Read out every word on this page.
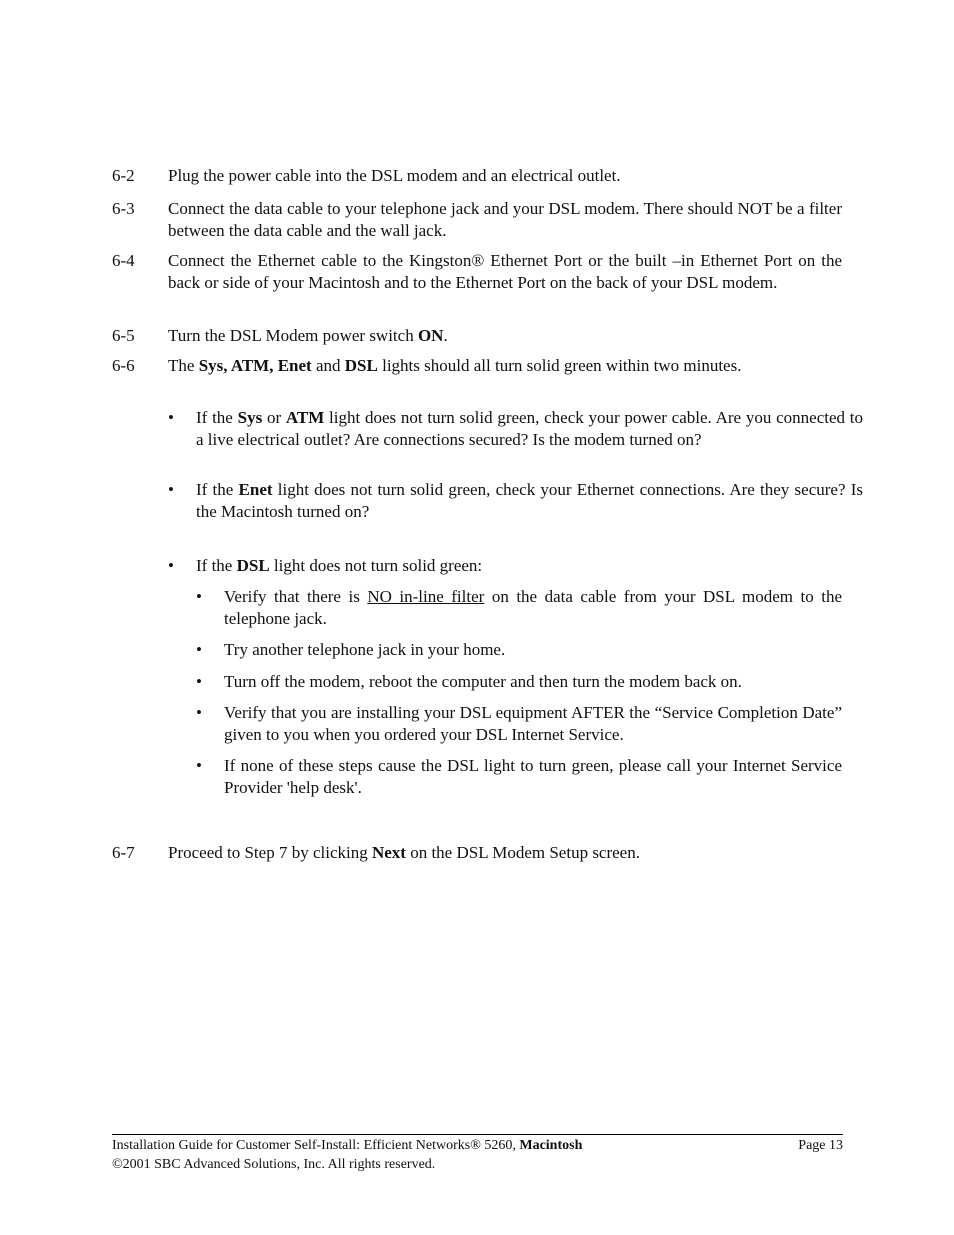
6-2 Plug the power cable into the DSL modem and an electrical outlet.
6-3 Connect the data cable to your telephone jack and your DSL modem. There should NOT be a filter between the data cable and the wall jack.
6-4 Connect the Ethernet cable to the Kingston® Ethernet Port or the built –in Ethernet Port on the back or side of your Macintosh and to the Ethernet Port on the back of your DSL modem.
6-5 Turn the DSL Modem power switch ON.
6-6 The Sys, ATM, Enet and DSL lights should all turn solid green within two minutes.
• If the Sys or ATM light does not turn solid green, check your power cable. Are you connected to a live electrical outlet? Are connections secured? Is the modem turned on?
• If the Enet light does not turn solid green, check your Ethernet connections. Are they secure? Is the Macintosh turned on?
• If the DSL light does not turn solid green:
• Verify that there is NO in-line filter on the data cable from your DSL modem to the telephone jack.
• Try another telephone jack in your home.
• Turn off the modem, reboot the computer and then turn the modem back on.
• Verify that you are installing your DSL equipment AFTER the “Service Completion Date” given to you when you ordered your DSL Internet Service.
• If none of these steps cause the DSL light to turn green, please call your Internet Service Provider 'help desk'.
6-7 Proceed to Step 7 by clicking Next on the DSL Modem Setup screen.
Installation Guide for Customer Self-Install: Efficient Networks® 5260, Macintosh	Page 13
©2001 SBC Advanced Solutions, Inc. All rights reserved.
